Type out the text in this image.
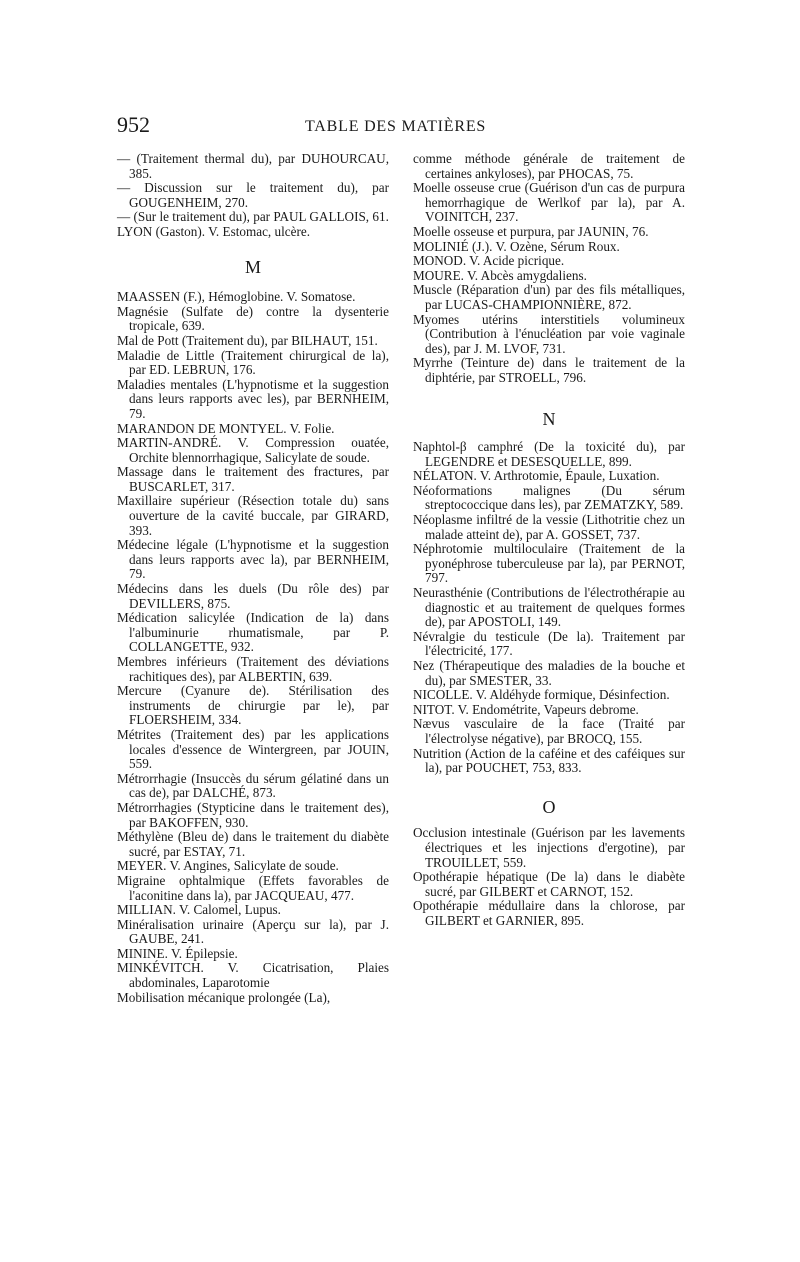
952	TABLE DES MATIÈRES

— (Traitement thermal du), par DUHOURCAU, 385.

— Discussion sur le traitement du), par GOUGENHEIM, 270.

— (Sur le traitement du), par PAUL GALLOIS, 61.

LYON (Gaston). V. Estomac, ulcère.

M

MAASSEN (F.), Hémoglobine. V. Somatose.

Magnésie (Sulfate de) contre la dysenterie tropicale, 639.

Mal de Pott (Traitement du), par BILHAUT, 151.

Maladie de Little (Traitement chirurgical de la), par ED. LEBRUN, 176.

Maladies mentales (L'hypnotisme et la suggestion dans leurs rapports avec les), par BERNHEIM, 79.

MARANDON DE MONTYEL. V. Folie.

MARTIN-ANDRÉ. V. Compression ouatée, Orchite blennorrhagique, Salicylate de soude.

Massage dans le traitement des fractures, par BUSCARLET, 317.

Maxillaire supérieur (Résection totale du) sans ouverture de la cavité buccale, par GIRARD, 393.

Médecine légale (L'hypnotisme et la suggestion dans leurs rapports avec la), par BERNHEIM, 79.

Médecins dans les duels (Du rôle des) par DEVILLERS, 875.

Médication salicylée (Indication de la) dans l'albuminurie rhumatismale, par P. COLLANGETTE, 932.

Membres inférieurs (Traitement des déviations rachitiques des), par ALBERTIN, 639.

Mercure (Cyanure de). Stérilisation des instruments de chirurgie par le), par FLOERSHEIM, 334.

Métrites (Traitement des) par les applications locales d'essence de Wintergreen, par JOUIN, 559.

Métrorrhagie (Insuccès du sérum gélatiné dans un cas de), par DALCHÉ, 873.

Métrorrhagies (Stypticine dans le traitement des), par BAKOFFEN, 930.

Méthylène (Bleu de) dans le traitement du diabète sucré, par ESTAY, 71.

MEYER. V. Angines, Salicylate de soude.

Migraine ophtalmique (Effets favorables de l'aconitine dans la), par JACQUEAU, 477.

MILLIAN. V. Calomel, Lupus.

Minéralisation urinaire (Aperçu sur la), par J. GAUBE, 241.

MININE. V. Épilepsie.

MINKÉVITCH. V. Cicatrisation, Plaies abdominales, Laparotomie

Mobilisation mécanique prolongée (La),

comme méthode générale de traitement de certaines ankyloses), par PHOCAS, 75.

Moelle osseuse crue (Guérison d'un cas de purpura hemorrhagique de Werlkof par la), par A. VOINITCH, 237.

Moelle osseuse et purpura, par JAUNIN, 76.

MOLINIÉ (J.). V. Ozène, Sérum Roux.

MONOD. V. Acide picrique.

MOURE. V. Abcès amygdaliens.

Muscle (Réparation d'un) par des fils métalliques, par LUCAS-CHAMPIONNIÈRE, 872.

Myomes utérins interstitiels volumineux (Contribution à l'énucléation par voie vaginale des), par J. M. LVOF, 731.

Myrrhe (Teinture de) dans le traitement de la diphtérie, par STROELL, 796.

N

Naphtol-β camphré (De la toxicité du), par LEGENDRE et DESESQUELLE, 899.

NÉLATON. V. Arthrotomie, Épaule, Luxation.

Néoformations malignes (Du sérum streptococcique dans les), par ZEMATZKY, 589.

Néoplasme infiltré de la vessie (Lithotritie chez un malade atteint de), par A. GOSSET, 737.

Néphrotomie multiloculaire (Traitement de la pyonéphrose tuberculeuse par la), par PERNOT, 797.

Neurasthénie (Contributions de l'électrothérapie au diagnostic et au traitement de quelques formes de), par APOSTOLI, 149.

Névralgie du testicule (De la). Traitement par l'électricité, 177.

Nez (Thérapeutique des maladies de la bouche et du), par SMESTER, 33.

NICOLLE. V. Aldéhyde formique, Désinfection.

NITOT. V. Endométrite, Vapeurs debrome.

Nævus vasculaire de la face (Traité par l'électrolyse négative), par BROCQ, 155.

Nutrition (Action de la caféine et des caféiques sur la), par POUCHET, 753, 833.

O

Occlusion intestinale (Guérison par les lavements électriques et les injections d'ergotine), par TROUILLET, 559.

Opothérapie hépatique (De la) dans le diabète sucré, par GILBERT et CARNOT, 152.

Opothérapie médullaire dans la chlorose, par GILBERT et GARNIER, 895.
